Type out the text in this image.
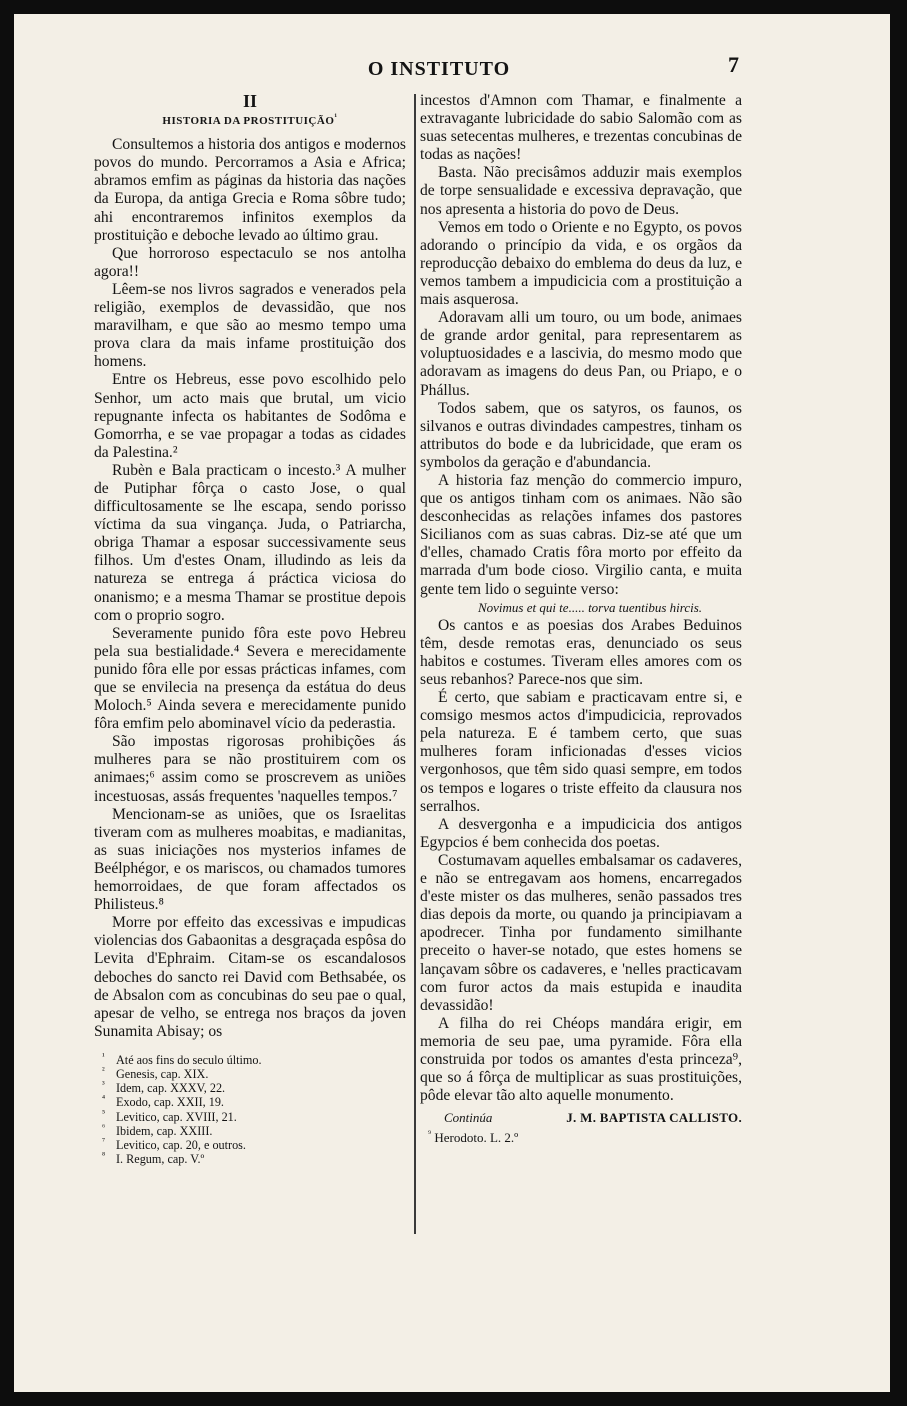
O INSTITUTO	7
II
HISTORIA DA $PROSTITUIÇÃO^{^1}$

Consultemos a historia dos antigos e modernos povos do mundo. Percorramos a Asia e Africa; abramos emfim as páginas da historia das nações da Europa, da antiga Grecia e Roma sôbre tudo; ahi encontraremos infinitos exemplos da prostituição e deboche levado ao último grau.

Que horroroso espectaculo se nos antolha agora!!

Lêem-se nos livros sagrados e venerados pela religião, exemplos de devassidão, que nos maravilham, e que são ao mesmo tempo uma prova clara da mais infame prostituição dos homens.

Entre os Hebreus, esse povo escolhido pelo Senhor, um acto mais que brutal, um vicio repugnante infecta os habitantes de Sodôma e Gomorrha, e se vae propagar a todas as cidades da Palestina.²

Rubèn e Bala practicam o incesto.³ A mulher de Putiphar fôrça o casto Jose, o qual difficultosamente se lhe escapa, sendo porisso víctima da sua vingança. Juda, o Patriarcha, obriga Thamar a esposar successivamente seus filhos. Um d'estes Onam, illudindo as leis da natureza se entrega á práctica viciosa do onanismo; e a mesma Thamar se prostitue depois com o proprio sogro.

Severamente punido fôra este povo Hebreu pela sua bestialidade.⁴ Severa e merecidamente punido fôra elle por essas prácticas infames, com que se envilecia na presença da estátua do deus Moloch.⁵ Ainda severa e merecidamente punido fôra emfim pelo abominavel vício da pederastia.

São impostas rigorosas prohibições ás mulheres para se não prostituirem com os animaes;⁶ assim como se proscrevem as uniões incestuosas, assás frequentes 'naquelles tempos.⁷

Mencionam-se as uniões, que os Israelitas tiveram com as mulheres moabitas, e madianitas, as suas iniciações nos mysterios infames de Beélphégor, e os mariscos, ou chamados tumores hemorroidaes, de que foram affectados os Philisteus.⁸

Morre por effeito das excessivas e impudicas violencias dos Gabaonitas a desgraçada espôsa do Levita d'Ephraim. Citam-se os escandalosos deboches do sancto rei David com Bethsabée, os de Absalon com as concubinas do seu pae o qual, apesar de velho, se entrega nos braços da joven Sunamita Abisay; os

¹ Até aos fins do seculo último.
² Genesis, cap. XIX.
³ Idem, cap. XXXV, 22.
⁴ Exodo, cap. XXII, 19.
⁵ Levitico, cap. XVIII, 21.
⁶ Ibidem, cap. XXIII.
⁷ Levitico, cap. 20, e outros.
⁸ I. Regum, cap. V.º

incestos d'Amnon com Thamar, e finalmente a extravagante lubricidade do sabio Salomão com as suas setecentas mulheres, e trezentas concubinas de todas as nações!

Basta. Não precisâmos adduzir mais exemplos de torpe sensualidade e excessiva depravação, que nos apresenta a historia do povo de Deus.

Vemos em todo o Oriente e no Egypto, os povos adorando o princípio da vida, e os orgãos da reproducção debaixo do emblema do deus da luz, e vemos tambem a impudicicia com a prostituição a mais asquerosa.

Adoravam alli um touro, ou um bode, animaes de grande ardor genital, para representarem as voluptuosidades e a lascivia, do mesmo modo que adoravam as imagens do deus Pan, ou Priapo, e o Phállus.

Todos sabem, que os satyros, os faunos, os silvanos e outras divindades campestres, tinham os attributos do bode e da lubricidade, que eram os symbolos da geração e d'abundancia.

A historia faz menção do commercio impuro, que os antigos tinham com os animaes. Não são desconhecidas as relações infames dos pastores Sicilianos com as suas cabras. Diz-se até que um d'elles, chamado Cratis fôra morto por effeito da marrada d'um bode cioso. Virgilio canta, e muita gente tem lido o seguinte verso:

Novimus et qui te..... torva tuentibus hircis.

Os cantos e as poesias dos Arabes Beduinos têm, desde remotas eras, denunciado os seus habitos e costumes. Tiveram elles amores com os seus rebanhos? Parece-nos que sim.

É certo, que sabiam e practicavam entre si, e comsigo mesmos actos d'impudicicia, reprovados pela natureza. E é tambem certo, que suas mulheres foram inficionadas d'esses vicios vergonhosos, que têm sido quasi sempre, em todos os tempos e logares o triste effeito da clausura nos serralhos.

A desvergonha e a impudicicia dos antigos Egypcios é bem conhecida dos poetas.

Costumavam aquelles embalsamar os cadaveres, e não se entregavam aos homens, encarregados d'este mister os das mulheres, senão passados tres dias depois da morte, ou quando ja principiavam a apodrecer. Tinha por fundamento similhante preceito o haver-se notado, que estes homens se lançavam sôbre os cadaveres, e 'nelles practicavam com furor actos da mais estupida e inaudita devassidão!

A filha do rei Chéops mandára erigir, em memoria de seu pae, uma pyramide. Fôra ella construida por todos os amantes d'esta princeza⁹, que so á fôrça de multiplicar as suas prostituições, pôde elevar tão alto aquelle monumento.

Continúa	J. M. BAPTISTA CALLISTO.
$^{^9}$ Herodoto. L. 2.º
